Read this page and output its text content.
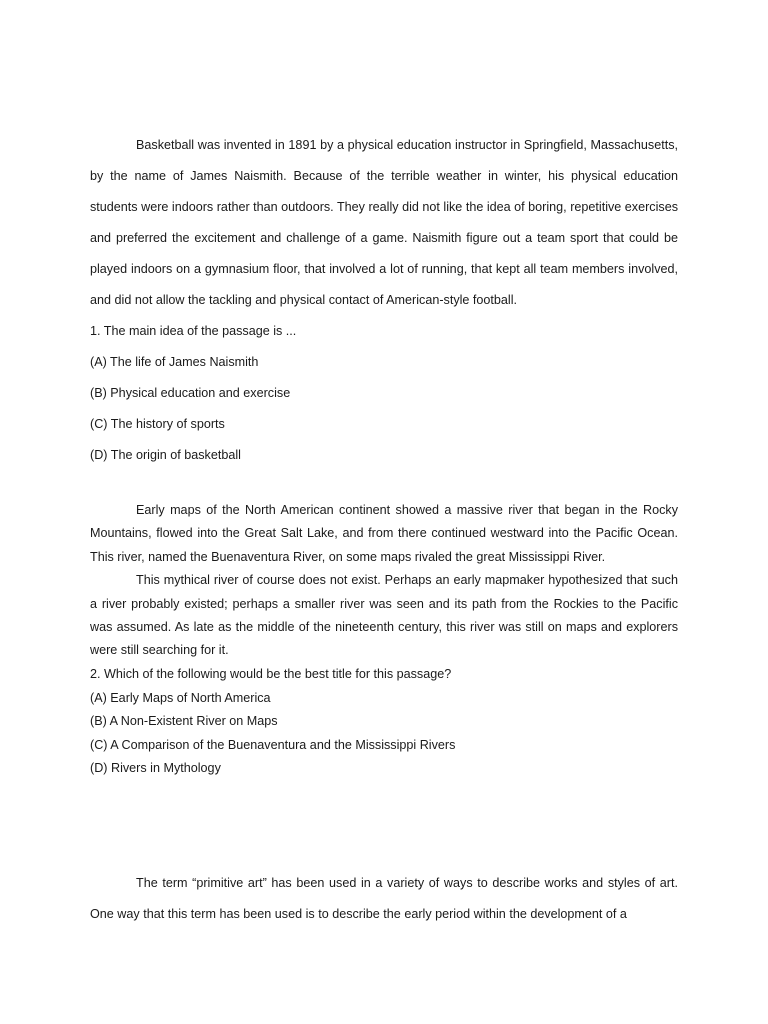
Basketball was invented in 1891 by a physical education instructor in Springfield, Massachusetts, by the name of James Naismith. Because of the terrible weather in winter, his physical education students were indoors rather than outdoors. They really did not like the idea of boring, repetitive exercises and preferred the excitement and challenge of a game. Naismith figure out a team sport that could be played indoors on a gymnasium floor, that involved a lot of running, that kept all team members involved, and did not allow the tackling and physical contact of American-style football.

1. The main idea of the passage is ...

(A) The life of James Naismith

(B) Physical education and exercise

(C) The history of sports

(D) The origin of basketball

Early maps of the North American continent showed a massive river that began in the Rocky Mountains, flowed into the Great Salt Lake, and from there continued westward into the Pacific Ocean. This river, named the Buenaventura River, on some maps rivaled the great Mississippi River.

This mythical river of course does not exist. Perhaps an early mapmaker hypothesized that such a river probably existed; perhaps a smaller river was seen and its path from the Rockies to the Pacific was assumed. As late as the middle of the nineteenth century, this river was still on maps and explorers were still searching for it.

2. Which of the following would be the best title for this passage?

(A) Early Maps of North America

(B) A Non-Existent River on Maps

(C) A Comparison of the Buenaventura and the Mississippi Rivers

(D) Rivers in Mythology

The term “primitive art” has been used in a variety of ways to describe works and styles of art. One way that this term has been used is to describe the early period within the development of a
